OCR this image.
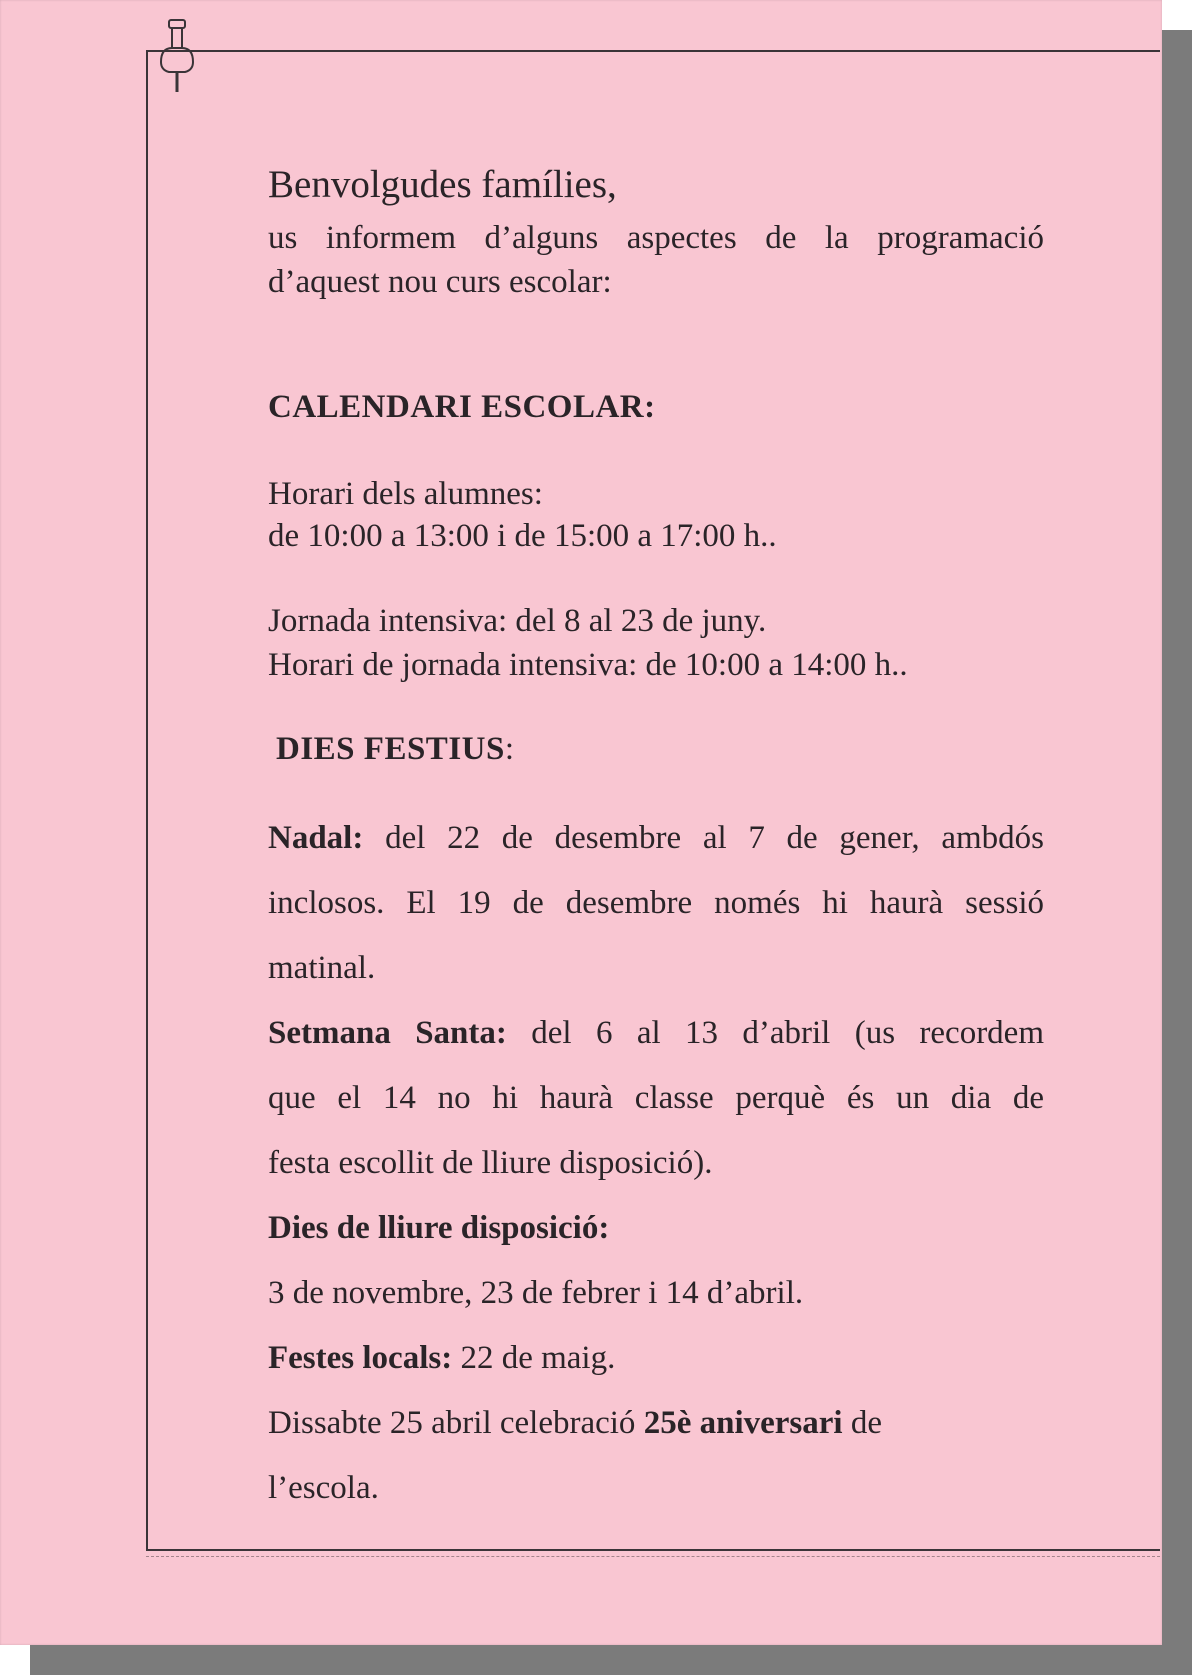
Benvolgudes famílies,
us informem d’alguns aspectes de la programació
d’aquest nou curs escolar:
CALENDARI ESCOLAR:
Horari dels alumnes:
de 10:00 a 13:00 i de 15:00 a 17:00 h..
Jornada intensiva: del 8 al 23 de juny.
Horari de jornada intensiva: de 10:00 a 14:00 h..
DIES FESTIUS:
Nadal: del 22 de desembre al 7 de gener, ambdós
inclosos. El 19 de desembre només hi haurà sessió
matinal.
Setmana Santa: del 6 al 13 d’abril (us recordem
que el 14 no hi haurà classe perquè és un dia de
festa escollit de lliure disposició).
Dies de lliure disposició:
3 de novembre, 23 de febrer i 14 d’abril.
Festes locals: 22 de maig.
Dissabte 25 abril celebració 25è aniversari de
l’escola.
